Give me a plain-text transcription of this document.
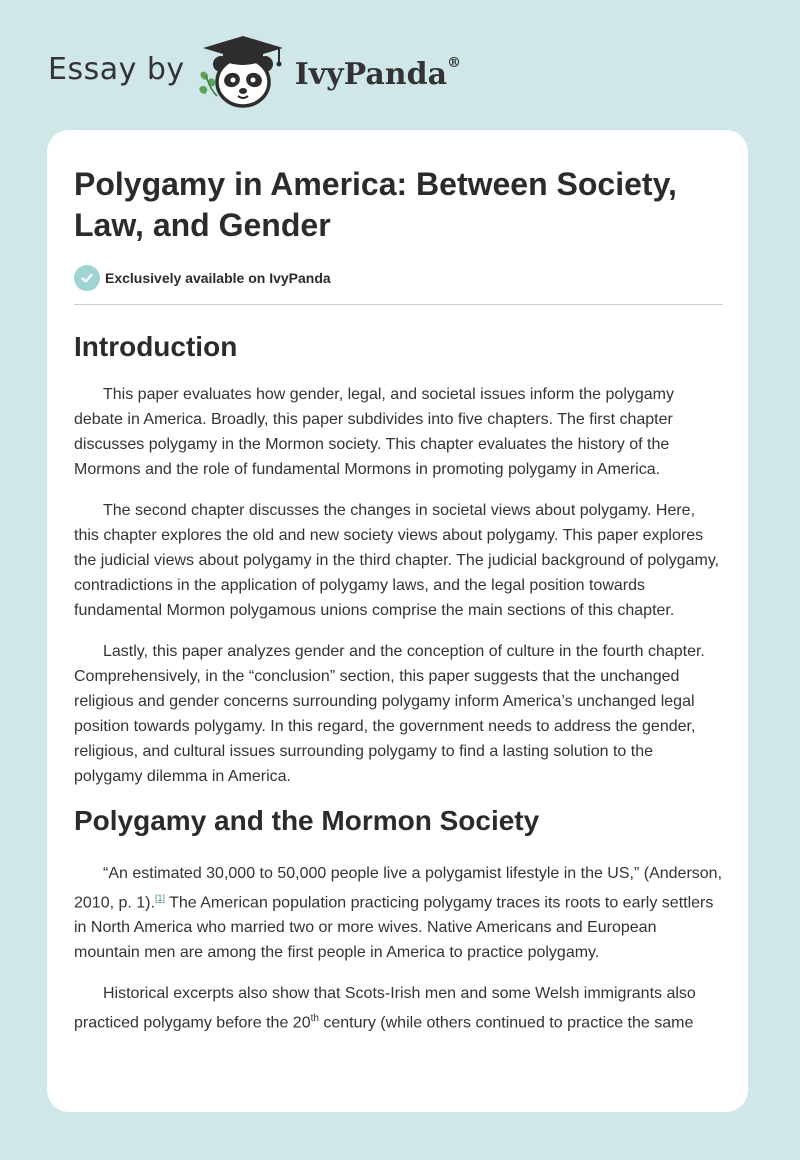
Essay by	IvyPanda®
Polygamy in America: Between Society, Law, and Gender
Exclusively available on IvyPanda
Introduction

This paper evaluates how gender, legal, and societal issues inform the polygamy debate in America. Broadly, this paper subdivides into five chapters. The first chapter discusses polygamy in the Mormon society. This chapter evaluates the history of the Mormons and the role of fundamental Mormons in promoting polygamy in America.

The second chapter discusses the changes in societal views about polygamy. Here, this chapter explores the old and new society views about polygamy. This paper explores the judicial views about polygamy in the third chapter. The judicial background of polygamy, contradictions in the application of polygamy laws, and the legal position towards fundamental Mormon polygamous unions comprise the main sections of this chapter.

Lastly, this paper analyzes gender and the conception of culture in the fourth chapter. Comprehensively, in the “conclusion” section, this paper suggests that the unchanged religious and gender concerns surrounding polygamy inform America’s unchanged legal position towards polygamy. In this regard, the government needs to address the gender, religious, and cultural issues surrounding polygamy to find a lasting solution to the polygamy dilemma in America.

Polygamy and the Mormon Society

“An estimated 30,000 to 50,000 people live a polygamist lifestyle in the US,” (Anderson, 2010, p. 1).[1] The American population practicing polygamy traces its roots to early settlers in North America who married two or more wives. Native Americans and European mountain men are among the first people in America to practice polygamy.

Historical excerpts also show that Scots-Irish men and some Welsh immigrants also practiced polygamy before the 20th century (while others continued to practice the same
